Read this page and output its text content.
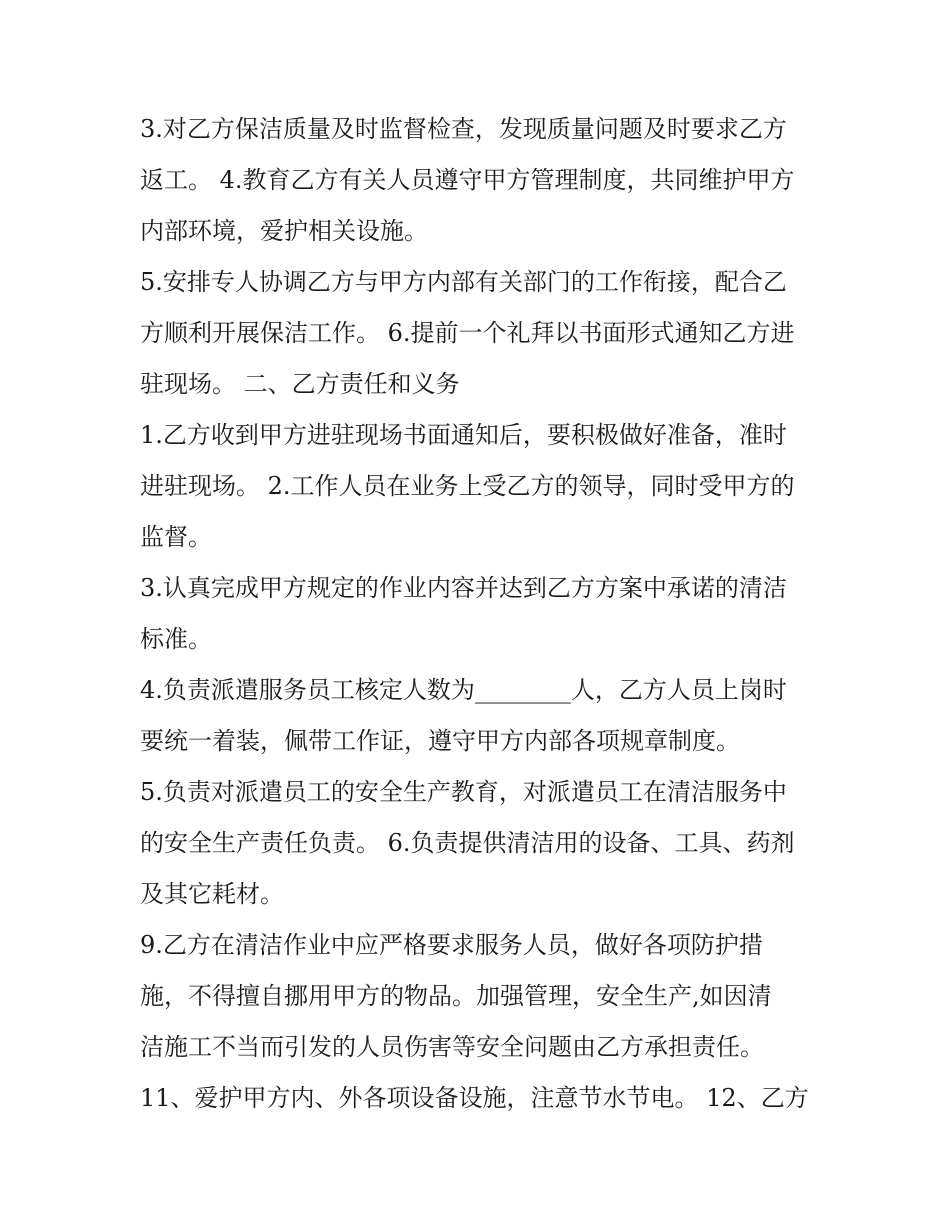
3.对乙方保洁质量及时监督检查，发现质量问题及时要求乙方
返工。 4.教育乙方有关人员遵守甲方管理制度，共同维护甲方
内部环境，爱护相关设施。
5.安排专人协调乙方与甲方内部有关部门的工作衔接，配合乙
方顺利开展保洁工作。 6.提前一个礼拜以书面形式通知乙方进
驻现场。 二、乙方责任和义务
1.乙方收到甲方进驻现场书面通知后，要积极做好准备，准时
进驻现场。 2.工作人员在业务上受乙方的领导，同时受甲方的
监督。
3.认真完成甲方规定的作业内容并达到乙方方案中承诺的清洁
标准。
4.负责派遣服务员工核定人数为________人，乙方人员上岗时
要统一着装，佩带工作证，遵守甲方内部各项规章制度。
5.负责对派遣员工的安全生产教育，对派遣员工在清洁服务中
的安全生产责任负责。 6.负责提供清洁用的设备、工具、药剂
及其它耗材。
9.乙方在清洁作业中应严格要求服务人员，做好各项防护措
施，不得擅自挪用甲方的物品。加强管理，安全生产,如因清
洁施工不当而引发的人员伤害等安全问题由乙方承担责任。
11、爱护甲方内、外各项设备设施，注意节水节电。 12、乙方
